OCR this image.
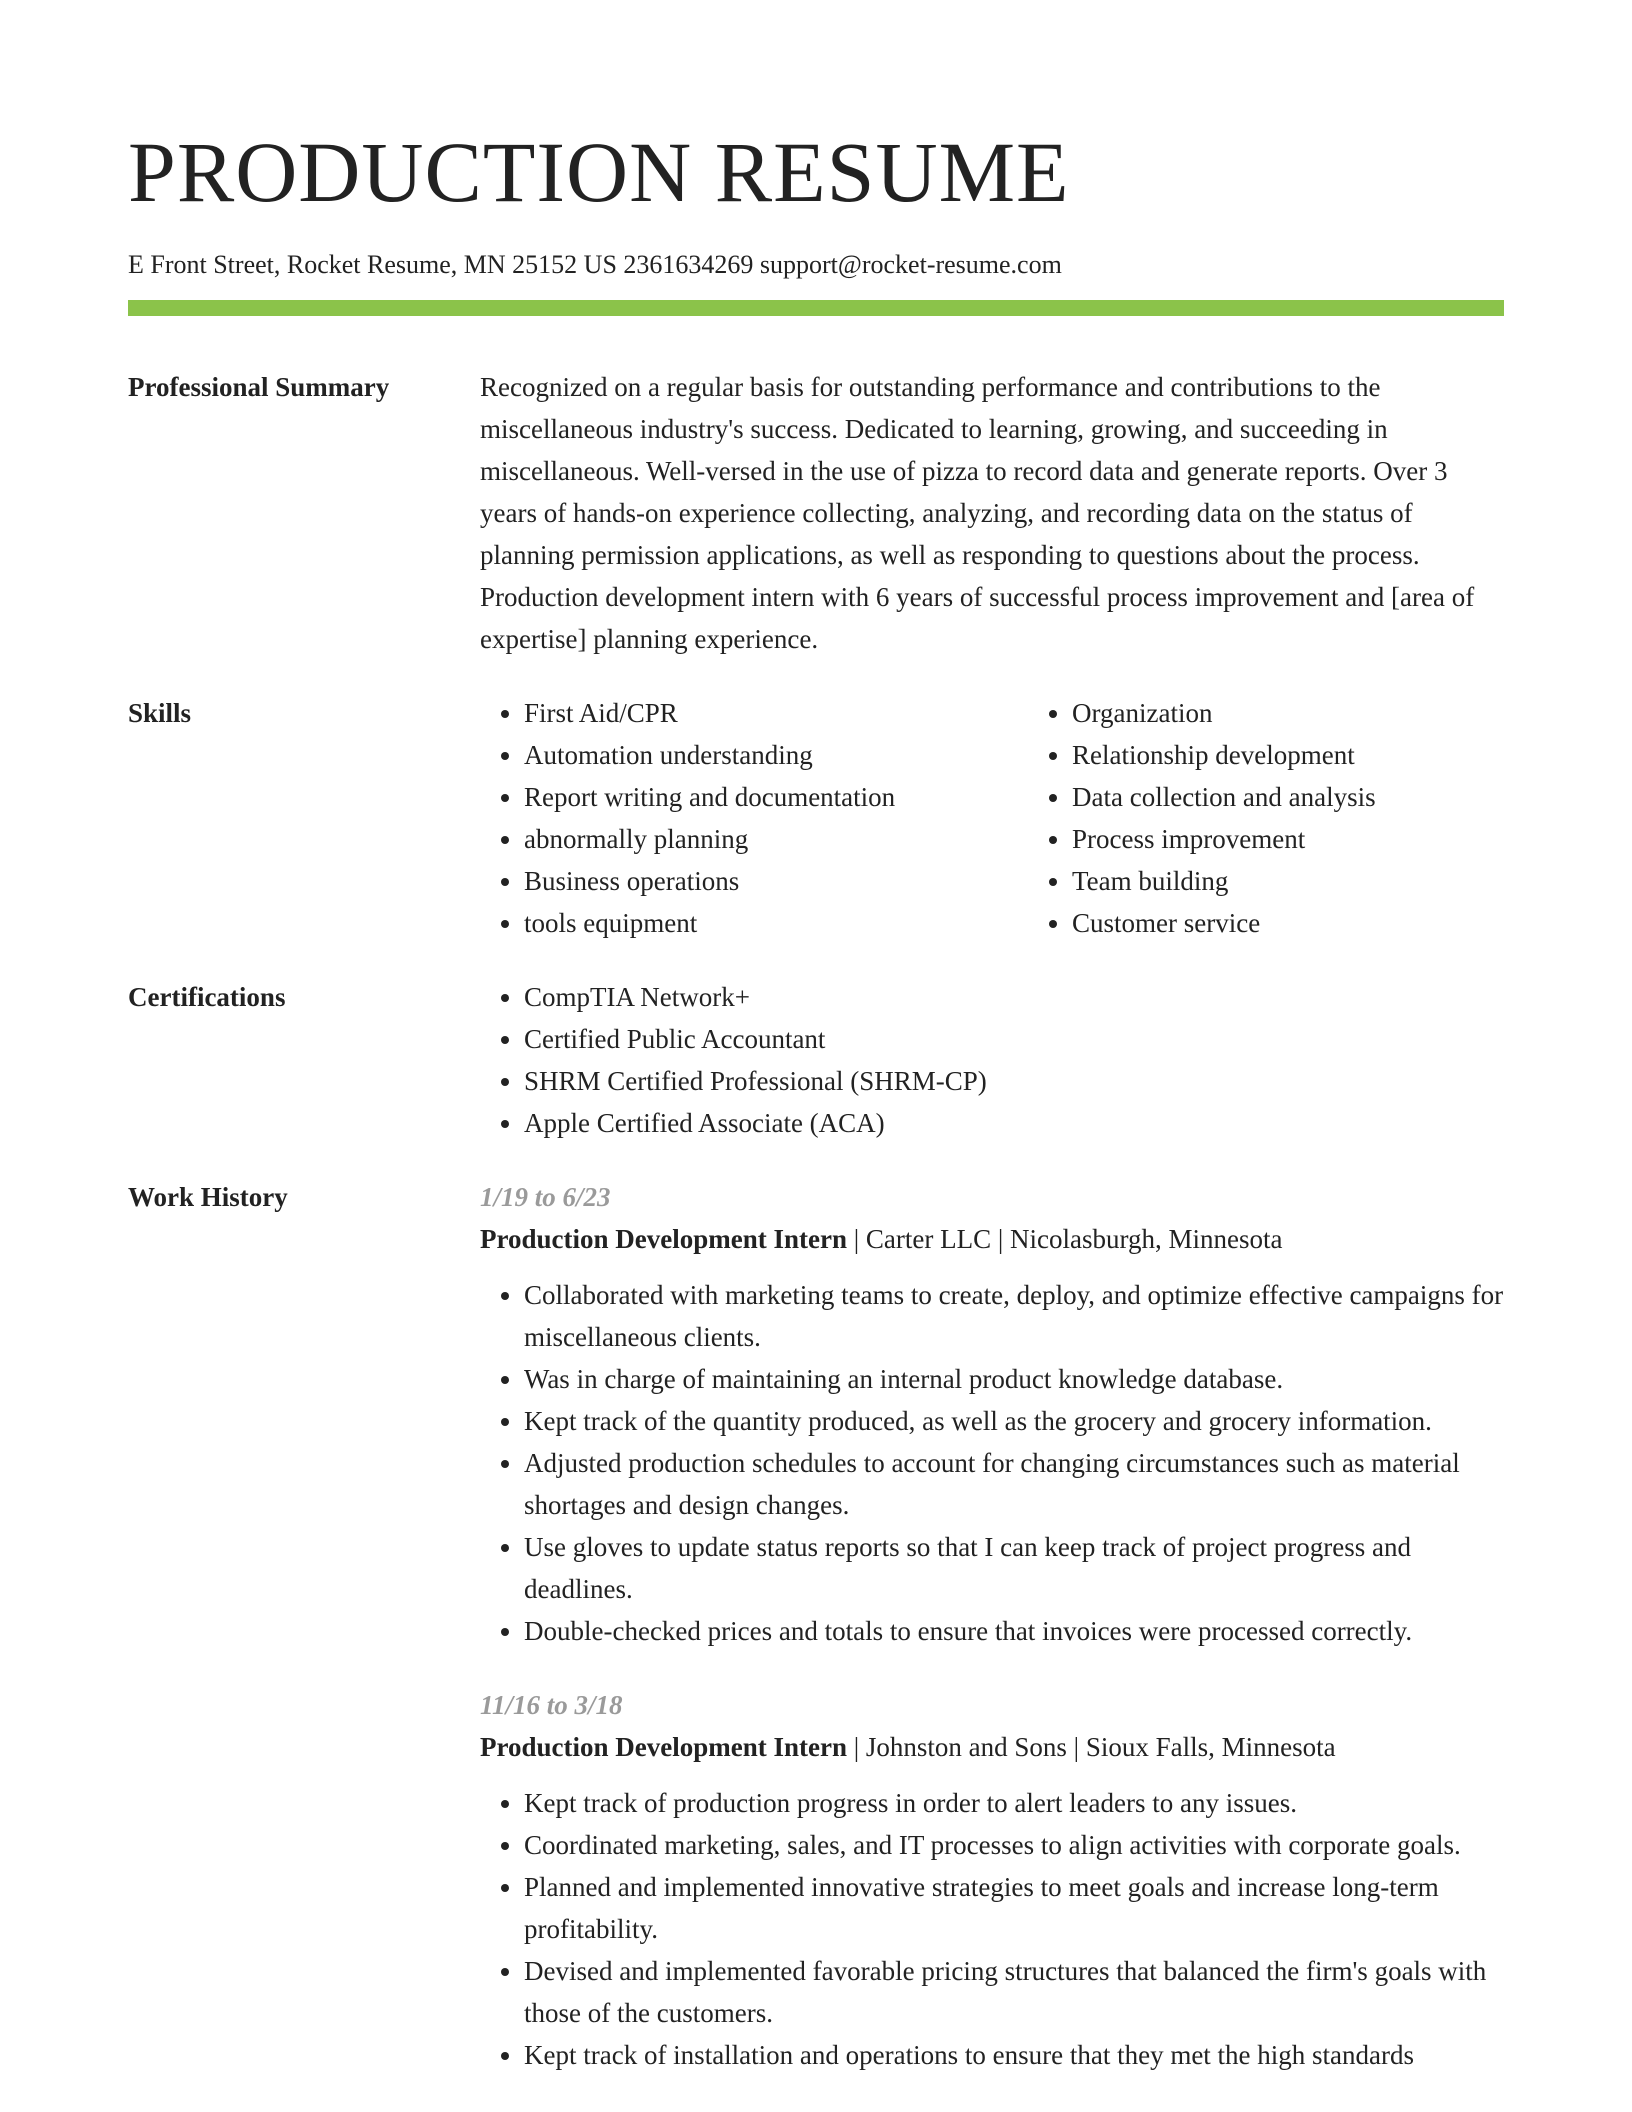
PRODUCTION RESUME
E Front Street, Rocket Resume, MN 25152 US 2361634269 support@rocket-resume.com
Professional Summary	Recognized on a regular basis for outstanding performance and contributions to the miscellaneous industry's success. Dedicated to learning, growing, and succeeding in miscellaneous. Well-versed in the use of pizza to record data and generate reports. Over 3 years of hands-on experience collecting, analyzing, and recording data on the status of planning permission applications, as well as responding to questions about the process. Production development intern with 6 years of successful process improvement and [area of expertise] planning experience.

Skills	• First Aid/CPR
• Automation understanding
• Report writing and documentation
• abnormally planning
• Business operations
• tools equipment
• Organization
• Relationship development
• Data collection and analysis
• Process improvement
• Team building
• Customer service
Certifications	• CompTIA Network+
• Certified Public Accountant
• SHRM Certified Professional (SHRM-CP)
• Apple Certified Associate (ACA)
Work History	1/19 to 6/23
Production Development Intern | Carter LLC | Nicolasburgh, Minnesota
• Collaborated with marketing teams to create, deploy, and optimize effective campaigns for miscellaneous clients.
• Was in charge of maintaining an internal product knowledge database.
• Kept track of the quantity produced, as well as the grocery and grocery information.
• Adjusted production schedules to account for changing circumstances such as material shortages and design changes.
• Use gloves to update status reports so that I can keep track of project progress and deadlines.
• Double-checked prices and totals to ensure that invoices were processed correctly.
11/16 to 3/18
Production Development Intern | Johnston and Sons | Sioux Falls, Minnesota
• Kept track of production progress in order to alert leaders to any issues.
• Coordinated marketing, sales, and IT processes to align activities with corporate goals.
• Planned and implemented innovative strategies to meet goals and increase long-term profitability.
• Devised and implemented favorable pricing structures that balanced the firm's goals with those of the customers.
• Kept track of installation and operations to ensure that they met the high standards
